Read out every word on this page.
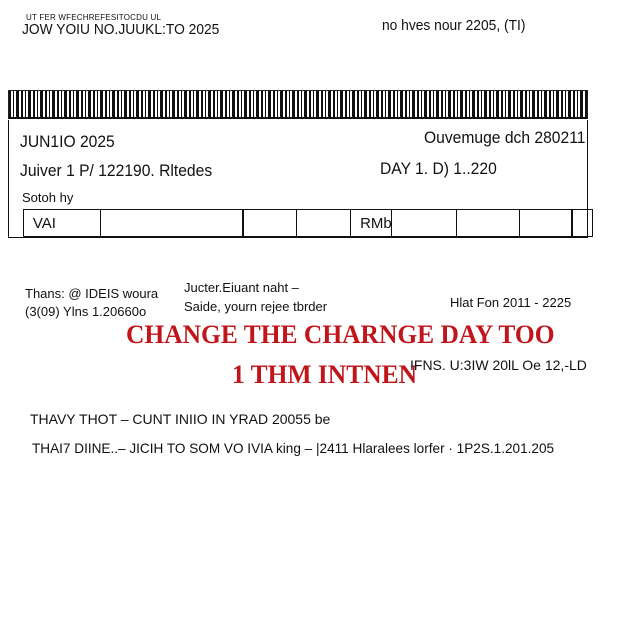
UT FER WFECHREFESITOCDU UL
JOW YOIU NO.JUUKL:TO 2025	no hves nour 2205, (TI)
JUN1IO 2025	Ouvemuge dch 280211
Juiver 1 P/ 122190. Rltedes	DAY 1. D) 1..220
Sotoh hy
VAI	RMb
Thans: @ IDEIS woura Jucter.Eiuant naht –
(3(09) Ylns 1.20660o	Saide, yourn rejee tbrder	Hlat Fon 2011 - 2225
CHANGE THE CHARNGE DAY TOO
1 THM INTNEN
IFNS. U:3IW 20lL Oe 12,-LD
THAVY THOT – CUNT INIIO IN YRAD 20055 be
THAI7 DIINE..– JICIH TO SOM VO IVIA king – |2411 Hlaralees lorfer · 1P2S.1.201.205
